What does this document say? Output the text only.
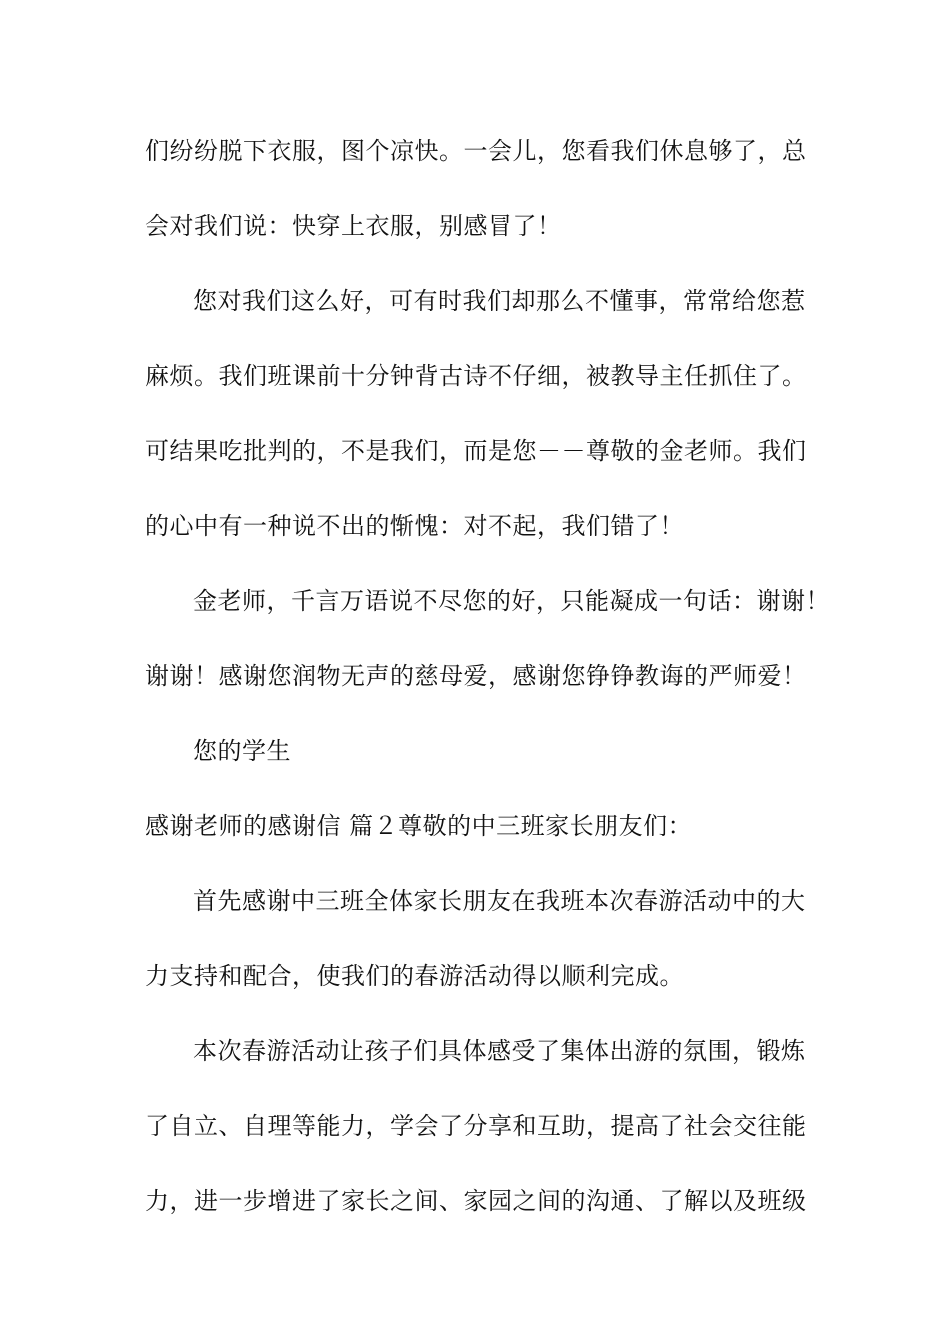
们纷纷脱下衣服，图个凉快。一会儿，您看我们休息够了，总
会对我们说：快穿上衣服，别感冒了！
您对我们这么好，可有时我们却那么不懂事，常常给您惹
麻烦。我们班课前十分钟背古诗不仔细，被教导主任抓住了。
可结果吃批判的，不是我们，而是您－－尊敬的金老师。我们
的心中有一种说不出的惭愧：对不起，我们错了！
金老师，千言万语说不尽您的好，只能凝成一句话：谢谢！
谢谢！感谢您润物无声的慈母爱，感谢您铮铮教诲的严师爱！
您的学生
感谢老师的感谢信 篇２尊敬的中三班家长朋友们：
首先感谢中三班全体家长朋友在我班本次春游活动中的大
力支持和配合，使我们的春游活动得以顺利完成。
本次春游活动让孩子们具体感受了集体出游的氛围，锻炼
了自立、自理等能力，学会了分享和互助，提高了社会交往能
力，进一步增进了家长之间、家园之间的沟通、了解以及班级
